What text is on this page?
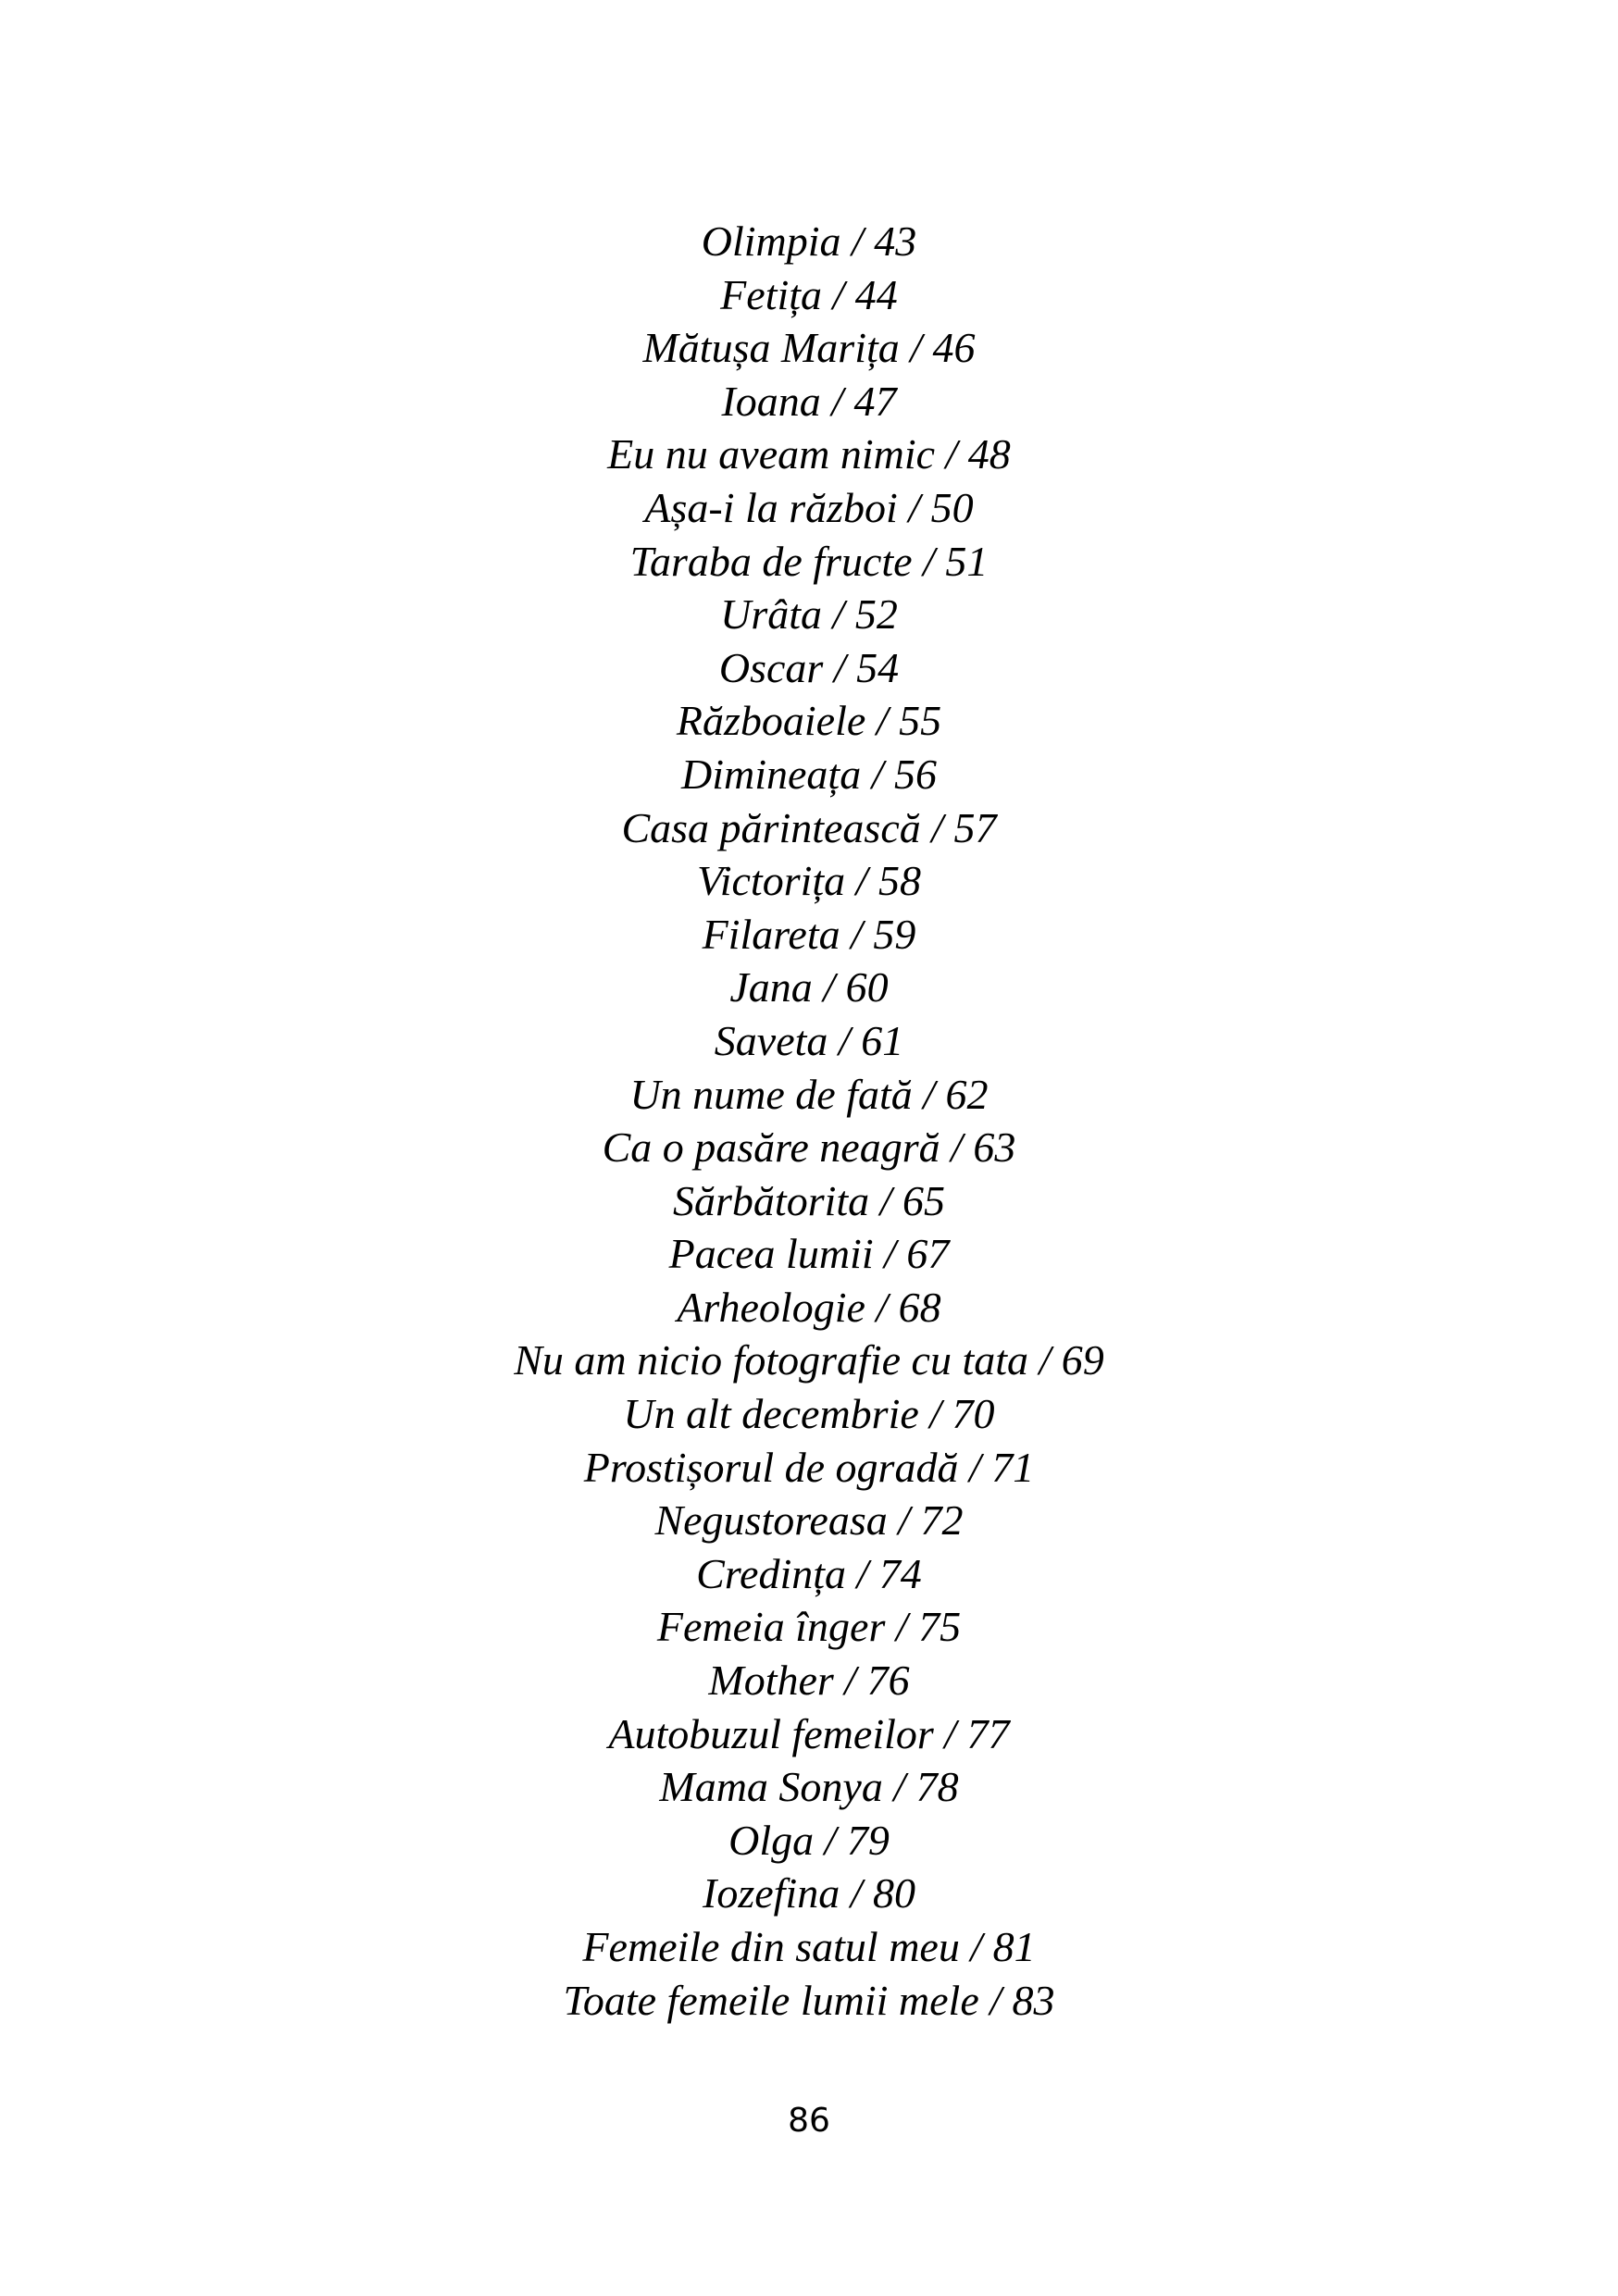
Olimpia / 43
Fetița / 44
Mătușa Marița / 46
Ioana / 47
Eu nu aveam nimic / 48
Așa-i la război / 50
Taraba de fructe / 51
Urâta / 52
Oscar / 54
Războaiele / 55
Dimineața / 56
Casa părintească / 57
Victorița / 58
Filareta / 59
Jana / 60
Saveta / 61
Un nume de fată / 62
Ca o pasăre neagră / 63
Sărbătorita / 65
Pacea lumii / 67
Arheologie / 68
Nu am nicio fotografie cu tata / 69
Un alt decembrie / 70
Prostișorul de ogradă / 71
Negustoreasa / 72
Credința / 74
Femeia înger / 75
Mother / 76
Autobuzul femeilor / 77
Mama Sonya / 78
Olga / 79
Iozefina / 80
Femeile din satul meu / 81
Toate femeile lumii mele / 83
86
